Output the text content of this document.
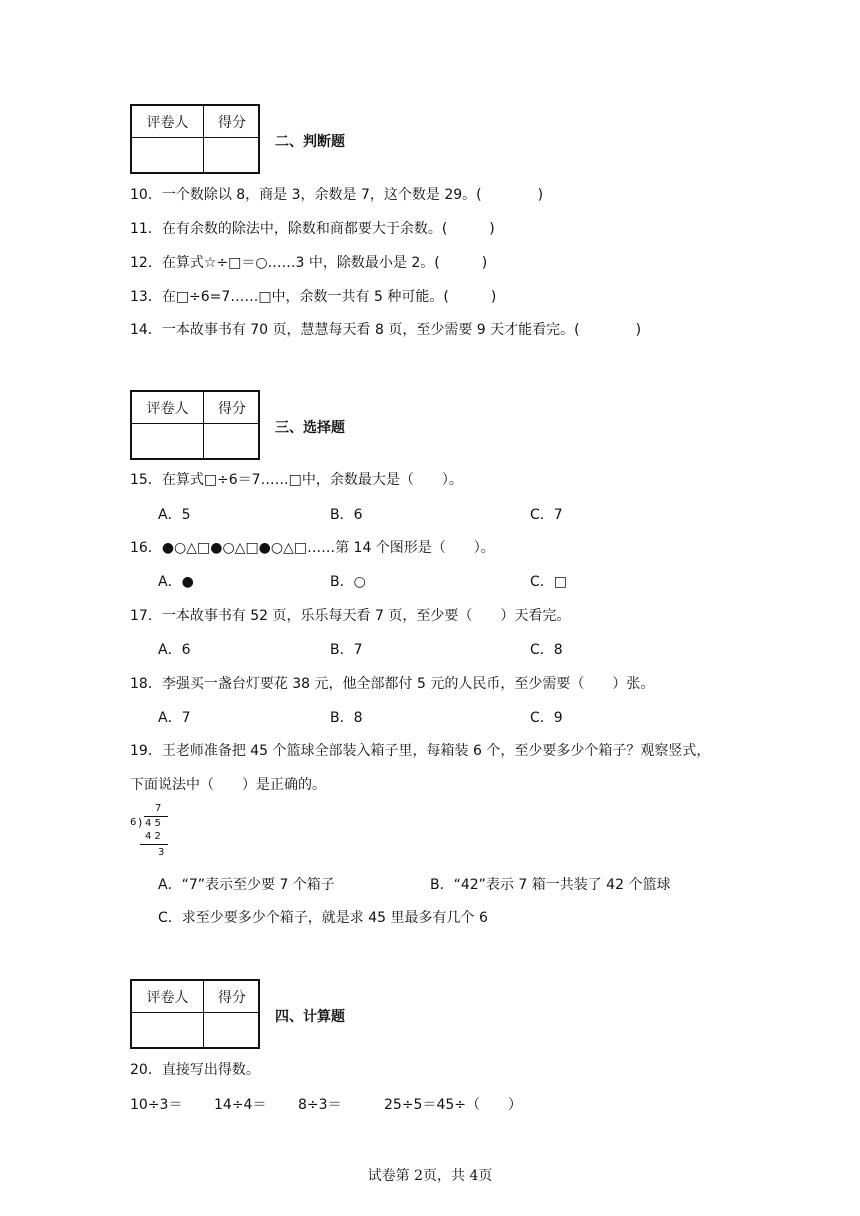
评卷人	得分
二、判断题
10．一个数除以 8，商是 3，余数是 7，这个数是 29。(　　　　)
11．在有余数的除法中，除数和商都要大于余数。(　　　)
12．在算式☆÷□＝○……3 中，除数最小是 2。(　　　)
13．在□÷6=7……□中，余数一共有 5 种可能。(　　　)
14．一本故事书有 70 页，慧慧每天看 8 页，至少需要 9 天才能看完。(　　　　)
评卷人	得分
三、选择题
15．在算式□÷6＝7……□中，余数最大是（　　）。
A．5	B．6	C．7
16．●○△□●○△□●○△□……第 14 个图形是（　　）。
A．●	B．○	C．□
17．一本故事书有 52 页，乐乐每天看 7 页，至少要（　　）天看完。
A．6	B．7	C．8
18．李强买一盏台灯要花 38 元，他全部都付 5 元的人民币，至少需要（　　）张。
A．7	B．8	C．9
19．王老师准备把 45 个篮球全部装入箱子里，每箱装 6 个，至少要多少个箱子？观察竖式，
下面说法中（　　）是正确的。
7
6 ) 4 5
4 2
3
A．“7”表示至少要 7 个箱子	B．“42”表示 7 箱一共装了 42 个篮球
C．求至少要多少个箱子，就是求 45 里最多有几个 6
评卷人	得分
四、计算题
20．直接写出得数。
10÷3＝ 14÷4＝ 8÷3＝	25÷5＝45÷（　　）
试卷第 2页，共 4页
